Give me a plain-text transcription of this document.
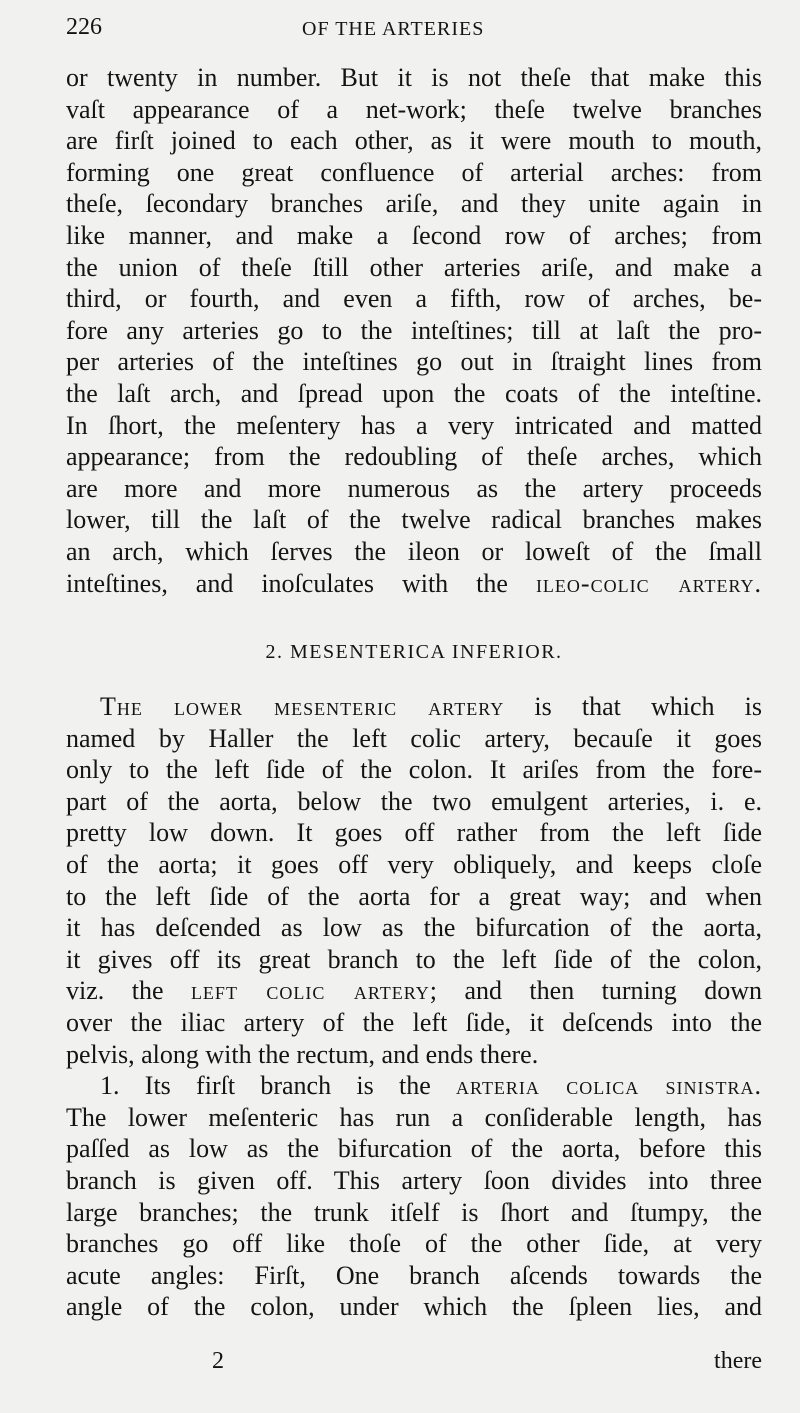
226	OF THE ARTERIES
or twenty in number. But it is not theſe that make this
vaſt appearance of a net-work; theſe twelve branches
are firſt joined to each other, as it were mouth to mouth,
forming one great confluence of arterial arches: from
theſe, ſecondary branches ariſe, and they unite again in
like manner, and make a ſecond row of arches; from
the union of theſe ſtill other arteries ariſe, and make a
third, or fourth, and even a fifth, row of arches, be-
fore any arteries go to the inteſtines; till at laſt the pro-
per arteries of the inteſtines go out in ſtraight lines from
the laſt arch, and ſpread upon the coats of the inteſtine.
In ſhort, the meſentery has a very intricated and matted
appearance; from the redoubling of theſe arches, which
are more and more numerous as the artery proceeds
lower, till the laſt of the twelve radical branches makes
an arch, which ſerves the ileon or loweſt of the ſmall
inteſtines, and inoſculates with the ileo-colic artery.
2. MESENTERICA INFERIOR.
The lower mesenteric artery is that which is
named by Haller the left colic artery, becauſe it goes
only to the left ſide of the colon. It ariſes from the fore-
part of the aorta, below the two emulgent arteries, i. e.
pretty low down. It goes off rather from the left ſide
of the aorta; it goes off very obliquely, and keeps cloſe
to the left ſide of the aorta for a great way; and when
it has deſcended as low as the bifurcation of the aorta,
it gives off its great branch to the left ſide of the colon,
viz. the left colic artery; and then turning down
over the iliac artery of the left ſide, it deſcends into the
pelvis, along with the rectum, and ends there.
1. Its firſt branch is the arteria colica sinistra.
The lower meſenteric has run a conſiderable length, has
paſſed as low as the bifurcation of the aorta, before this
branch is given off. This artery ſoon divides into three
large branches; the trunk itſelf is ſhort and ſtumpy, the
branches go off like thoſe of the other ſide, at very
acute angles: Firſt, One branch aſcends towards the
angle of the colon, under which the ſpleen lies, and
2	there
